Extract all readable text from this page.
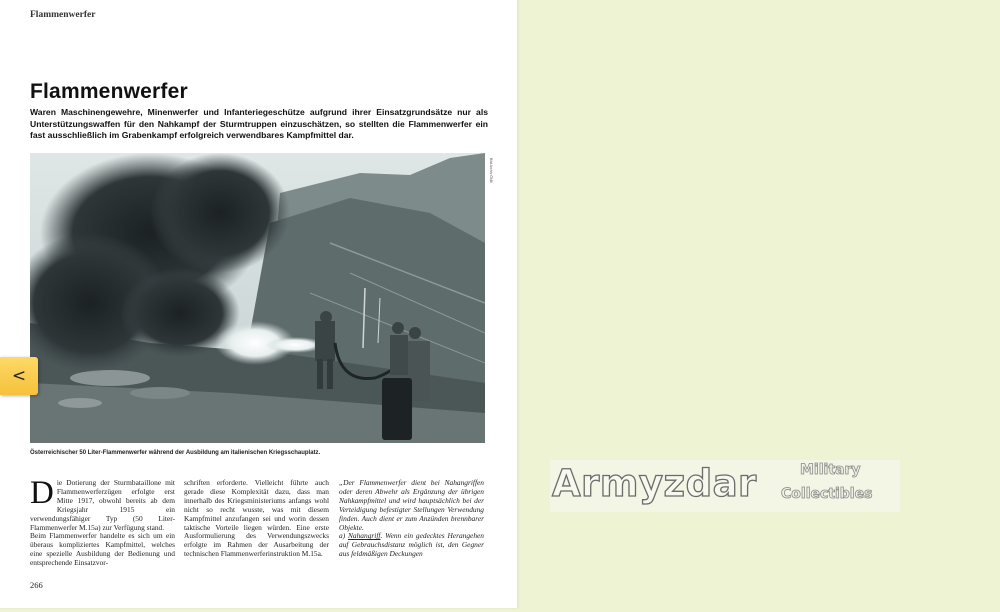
Flammenwerfer
Flammenwerfer
Waren Maschinengewehre, Minenwerfer und Infanteriegeschütze aufgrund ihrer Einsatzgrundsätze nur als Unterstützungswaffen für den Nahkampf der Sturmtruppen einzuschätzen, so stellten die Flammenwerfer ein fast ausschließlich im Grabenkampf erfolgreich verwendbares Kampfmittel dar.
Bild Archiv ÖNB
Österreichischer 50 Liter-Flammenwerfer während der Ausbildung am italienischen Kriegsschauplatz.

Die Dotierung der Sturmbataillone mit Flammenwerferzügen erfolgte erst Mitte 1917, obwohl bereits ab dem Kriegsjahr 1915 ein verwendungsfähiger Typ (50 Liter-Flammenwerfer M.15a) zur Verfügung stand.

Beim Flammenwerfer handelte es sich um ein überaus kompliziertes Kampfmittel, welches eine spezielle Ausbildung der Bedienung und entsprechende Einsatzvor-

schriften erforderte. Vielleicht führte auch gerade diese Komplexität dazu, dass man innerhalb des Kriegsministeriums anfangs wohl nicht so recht wusste, was mit diesem Kampfmittel anzufangen sei und worin dessen taktische Vorteile liegen würden. Eine erste Ausformulierung des Verwendungszwecks erfolgte im Rahmen der Ausarbeitung der technischen Flammenwerferinstruktion M.15a.

„Der Flammenwerfer dient bei Nahangriffen oder deren Abwehr als Ergänzung der übrigen Nahkampfmittel und wird hauptsächlich bei der Verteidigung befestigter Stellungen Verwendung finden. Auch dient er zum Anzünden brennbarer Objekte.

a) Nahangriff. Wenn ein gedecktes Herangehen auf Gebrauchsdistanz möglich ist, den Gegner aus feldmäßigen Deckungen

266
<
Armyzdar	Military
Collectibles
